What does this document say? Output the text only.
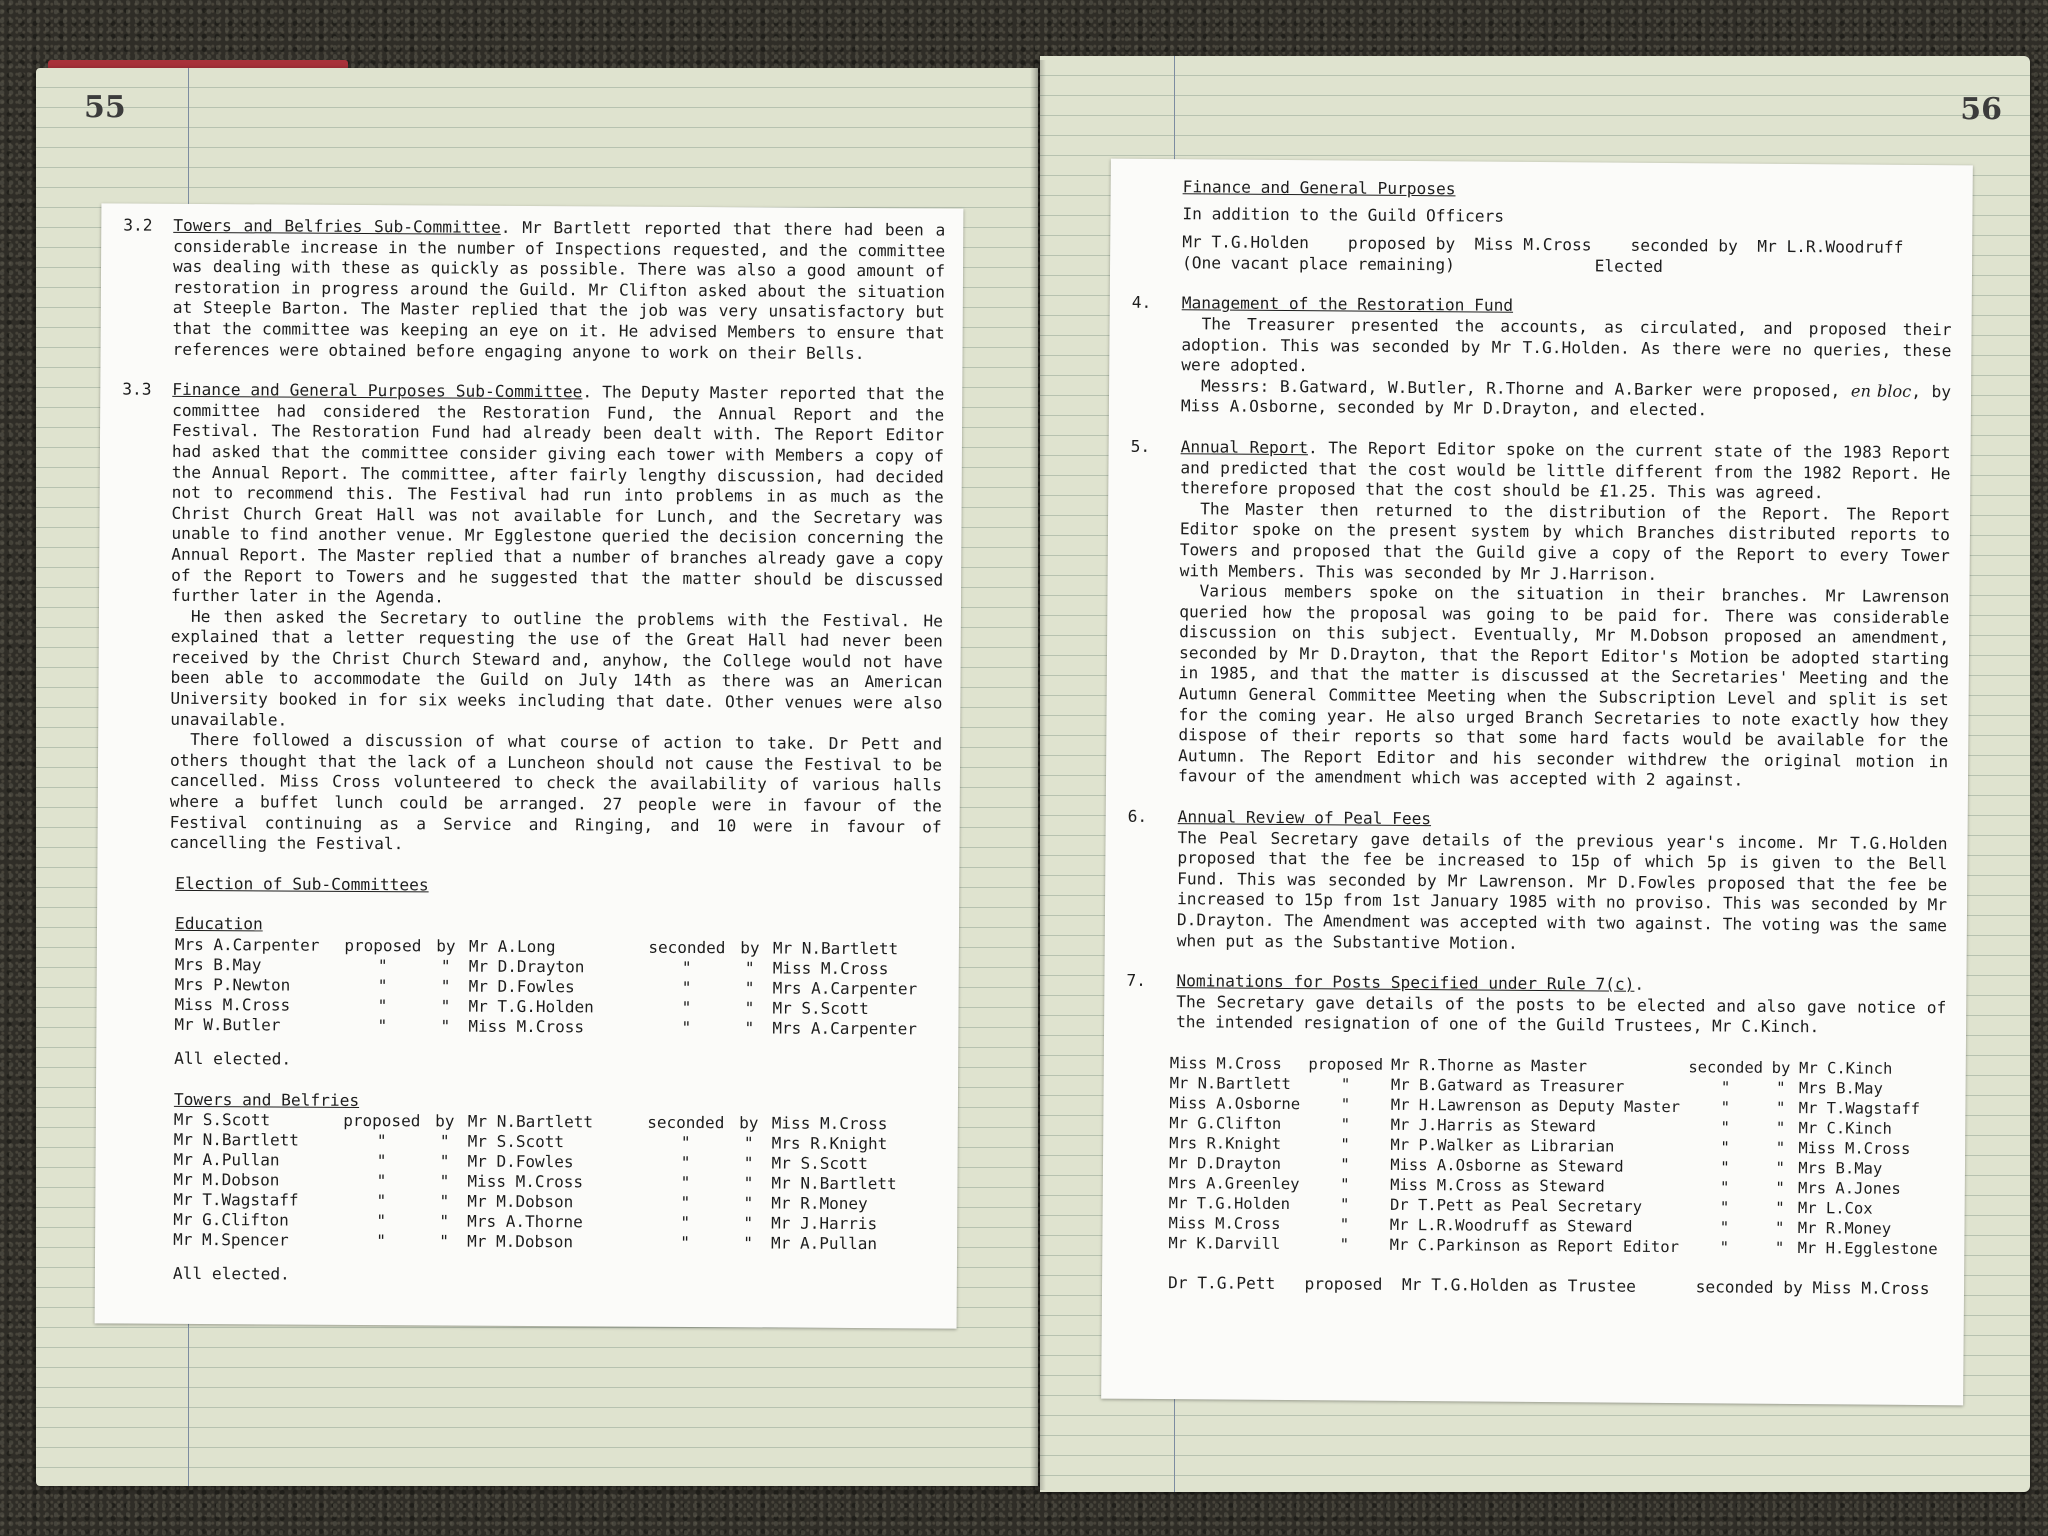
55	56
3.2 Towers and Belfries Sub-Committee. Mr Bartlett reported that there had been a considerable increase in the number of Inspections requested, and the committee was dealing with these as quickly as possible. There was also a good amount of restoration in progress around the Guild. Mr Clifton asked about the situation at Steeple Barton. The Master replied that the job was very unsatisfactory but that the committee was keeping an eye on it. He advised Members to ensure that references were obtained before engaging anyone to work on their Bells.

3.3 Finance and General Purposes Sub-Committee. The Deputy Master reported that the committee had considered the Restoration Fund, the Annual Report and the Festival. The Restoration Fund had already been dealt with. The Report Editor had asked that the committee consider giving each tower with Members a copy of the Annual Report. The committee, after fairly lengthy discussion, had decided not to recommend this. The Festival had run into problems in as much as the Christ Church Great Hall was not available for Lunch, and the Secretary was unable to find another venue. Mr Egglestone queried the decision concerning the Annual Report. The Master replied that a number of branches already gave a copy of the Report to Towers and he suggested that the matter should be discussed further later in the Agenda.

He then asked the Secretary to outline the problems with the Festival. He explained that a letter requesting the use of the Great Hall had never been received by the Christ Church Steward and, anyhow, the College would not have been able to accommodate the Guild on July 14th as there was an American University booked in for six weeks including that date. Other venues were also unavailable.

There followed a discussion of what course of action to take. Dr Pett and others thought that the lack of a Luncheon should not cause the Festival to be cancelled. Miss Cross volunteered to check the availability of various halls where a buffet lunch could be arranged. 27 people were in favour of the Festival continuing as a Service and Ringing, and 10 were in favour of cancelling the Festival.

Election of Sub-Committees
Education
Mrs A.Carpenter	proposed	by	Mr A.Long	seconded	by	Mr N.Bartlett
Mrs B.May	"	"	Mr D.Drayton	"	"	Miss M.Cross
Mrs P.Newton	"	"	Mr D.Fowles	"	"	Mrs A.Carpenter
Miss M.Cross	"	"	Mr T.G.Holden	"	"	Mr S.Scott
Mr W.Butler	"	"	Miss M.Cross	"	"	Mrs A.Carpenter
All elected.
Towers and Belfries
Mr S.Scott	proposed	by	Mr N.Bartlett	seconded	by	Miss M.Cross
Mr N.Bartlett	"	"	Mr S.Scott	"	"	Mrs R.Knight
Mr A.Pullan	"	"	Mr D.Fowles	"	"	Mr S.Scott
Mr M.Dobson	"	"	Miss M.Cross	"	"	Mr N.Bartlett
Mr T.Wagstaff	"	"	Mr M.Dobson	"	"	Mr R.Money
Mr G.Clifton	"	"	Mrs A.Thorne	"	"	Mr J.Harris
Mr M.Spencer	"	"	Mr M.Dobson	"	"	Mr A.Pullan
All elected.
Finance and General Purposes
In addition to the Guild Officers
Mr T.G.Holden proposed by Miss M.Cross seconded by Mr L.R.Woodruff
(One vacant place remaining)	Elected
4. Management of the Restoration Fund

The Treasurer presented the accounts, as circulated, and proposed their adoption. This was seconded by Mr T.G.Holden. As there were no queries, these were adopted.

Messrs: B.Gatward, W.Butler, R.Thorne and A.Barker were proposed, en bloc, by Miss A.Osborne, seconded by Mr D.Drayton, and elected.

5. Annual Report. The Report Editor spoke on the current state of the 1983 Report and predicted that the cost would be little different from the 1982 Report. He therefore proposed that the cost should be £1.25. This was agreed.

The Master then returned to the distribution of the Report. The Report Editor spoke on the present system by which Branches distributed reports to Towers and proposed that the Guild give a copy of the Report to every Tower with Members. This was seconded by Mr J.Harrison.

Various members spoke on the situation in their branches. Mr Lawrenson queried how the proposal was going to be paid for. There was considerable discussion on this subject. Eventually, Mr M.Dobson proposed an amendment, seconded by Mr D.Drayton, that the Report Editor's Motion be adopted starting in 1985, and that the matter is discussed at the Secretaries' Meeting and the Autumn General Committee Meeting when the Subscription Level and split is set for the coming year. He also urged Branch Secretaries to note exactly how they dispose of their reports so that some hard facts would be available for the Autumn. The Report Editor and his seconder withdrew the original motion in favour of the amendment which was accepted with 2 against.

6. Annual Review of Peal Fees

The Peal Secretary gave details of the previous year's income. Mr T.G.Holden proposed that the fee be increased to 15p of which 5p is given to the Bell Fund. This was seconded by Mr Lawrenson. Mr D.Fowles proposed that the fee be increased to 15p from 1st January 1985 with no proviso. This was seconded by Mr D.Drayton. The Amendment was accepted with two against. The voting was the same when put as the Substantive Motion.

7. Nominations for Posts Specified under Rule 7(c).

The Secretary gave details of the posts to be elected and also gave notice of the intended resignation of one of the Guild Trustees, Mr C.Kinch.

Miss M.Cross	proposed	Mr R.Thorne as Master	seconded	by	Mr C.Kinch
Mr N.Bartlett	"	Mr B.Gatward as Treasurer	"	"	Mrs B.May
Miss A.Osborne	"	Mr H.Lawrenson as Deputy Master	"	"	Mr T.Wagstaff
Mr G.Clifton	"	Mr J.Harris as Steward	"	"	Mr C.Kinch
Mrs R.Knight	"	Mr P.Walker as Librarian	"	"	Miss M.Cross
Mr D.Drayton	"	Miss A.Osborne as Steward	"	"	Mrs B.May
Mrs A.Greenley	"	Miss M.Cross as Steward	"	"	Mrs A.Jones
Mr T.G.Holden	"	Dr T.Pett as Peal Secretary	"	"	Mr L.Cox
Miss M.Cross	"	Mr L.R.Woodruff as Steward	"	"	Mr R.Money
Mr K.Darvill	"	Mr C.Parkinson as Report Editor	"	"	Mr H.Egglestone
Dr T.G.Pett proposed Mr T.G.Holden as Trustee	seconded by Miss M.Cross
